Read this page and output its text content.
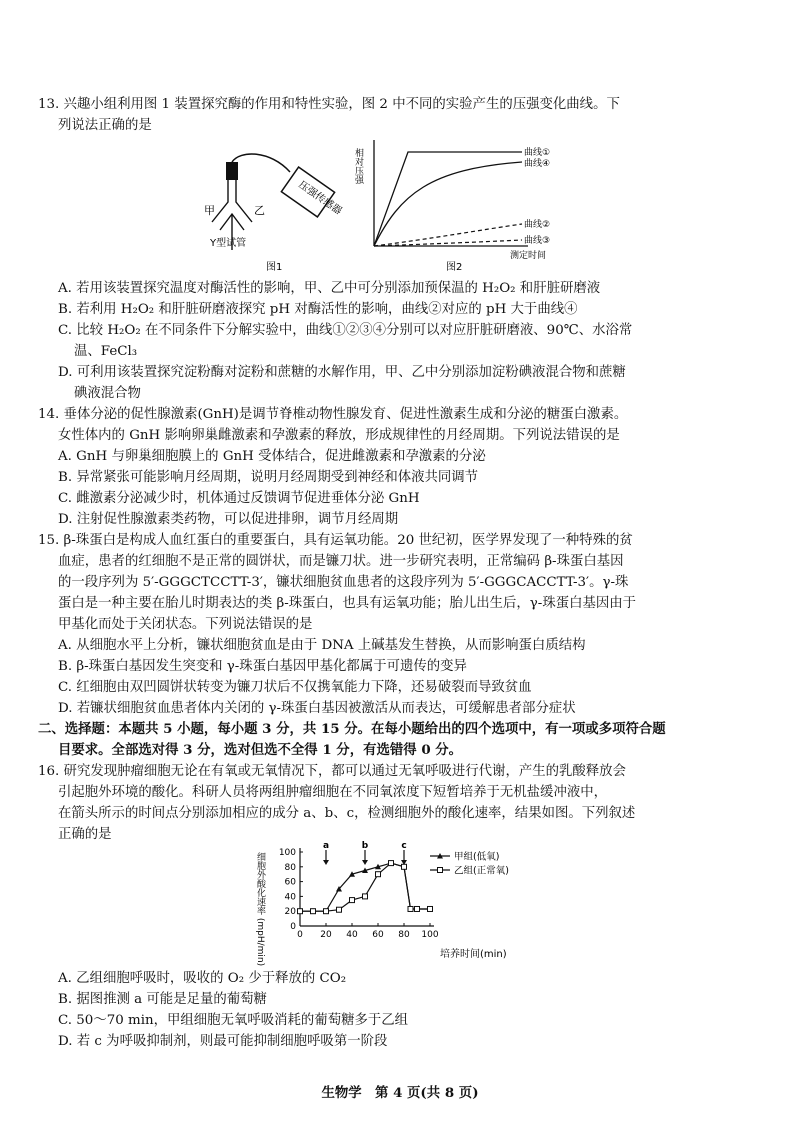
13. 兴趣小组利用图 1 装置探究酶的作用和特性实验，图 2 中不同的实验产生的压强变化曲线。下

列说法正确的是

压强传感器
甲	乙
Y型试管
图1
相对压强	曲线①
曲线④
曲线②
曲线③
测定时间
图2

A. 若用该装置探究温度对酶活性的影响，甲、乙中可分别添加预保温的 H₂O₂ 和肝脏研磨液

B. 若利用 H₂O₂ 和肝脏研磨液探究 pH 对酶活性的影响，曲线②对应的 pH 大于曲线④

C. 比较 H₂O₂ 在不同条件下分解实验中，曲线①②③④分别可以对应肝脏研磨液、90℃、水浴常

温、FeCl₃

D. 可利用该装置探究淀粉酶对淀粉和蔗糖的水解作用，甲、乙中分别添加淀粉碘液混合物和蔗糖

碘液混合物

14. 垂体分泌的促性腺激素(GnH)是调节脊椎动物性腺发育、促进性激素生成和分泌的糖蛋白激素。

女性体内的 GnH 影响卵巢雌激素和孕激素的释放，形成规律性的月经周期。下列说法错误的是

A. GnH 与卵巢细胞膜上的 GnH 受体结合，促进雌激素和孕激素的分泌

B. 异常紧张可能影响月经周期，说明月经周期受到神经和体液共同调节

C. 雌激素分泌减少时，机体通过反馈调节促进垂体分泌 GnH

D. 注射促性腺激素类药物，可以促进排卵，调节月经周期

15. β-珠蛋白是构成人血红蛋白的重要蛋白，具有运氧功能。20 世纪初，医学界发现了一种特殊的贫

血症，患者的红细胞不是正常的圆饼状，而是镰刀状。进一步研究表明，正常编码 β-珠蛋白基因

的一段序列为 5′-GGGCTCCTT-3′，镰状细胞贫血患者的这段序列为 5′-GGGCACCTT-3′。γ-珠

蛋白是一种主要在胎儿时期表达的类 β-珠蛋白，也具有运氧功能；胎儿出生后，γ-珠蛋白基因由于

甲基化而处于关闭状态。下列说法错误的是

A. 从细胞水平上分析，镰状细胞贫血是由于 DNA 上碱基发生替换，从而影响蛋白质结构

B. β-珠蛋白基因发生突变和 γ-珠蛋白基因甲基化都属于可遗传的变异

C. 红细胞由双凹圆饼状转变为镰刀状后不仅携氧能力下降，还易破裂而导致贫血

D. 若镰状细胞贫血患者体内关闭的 γ-珠蛋白基因被激活从而表达，可缓解患者部分症状

二、选择题：本题共 5 小题，每小题 3 分，共 15 分。在每小题给出的四个选项中，有一项或多项符合题

目要求。全部选对得 3 分，选对但选不全得 1 分，有选错得 0 分。

16. 研究发现肿瘤细胞无论在有氧或无氧情况下，都可以通过无氧呼吸进行代谢，产生的乳酸释放会

引起胞外环境的酸化。科研人员将两组肿瘤细胞在不同氧浓度下短暂培养于无机盐缓冲液中，

在箭头所示的时间点分别添加相应的成分 a、b、c，检测细胞外的酸化速率，结果如图。下列叙述

正确的是

细胞外酸化速率 (mpH/min)	0 20 40 60 80 100
0
20
40
60
80
100
a	b	c
甲组(低氧)
乙组(正常氧)
培养时间(min)

A. 乙组细胞呼吸时，吸收的 O₂ 少于释放的 CO₂

B. 据图推测 a 可能是足量的葡萄糖

C. 50～70 min，甲组细胞无氧呼吸消耗的葡萄糖多于乙组

D. 若 c 为呼吸抑制剂，则最可能抑制细胞呼吸第一阶段

生物学　第 4 页(共 8 页)
